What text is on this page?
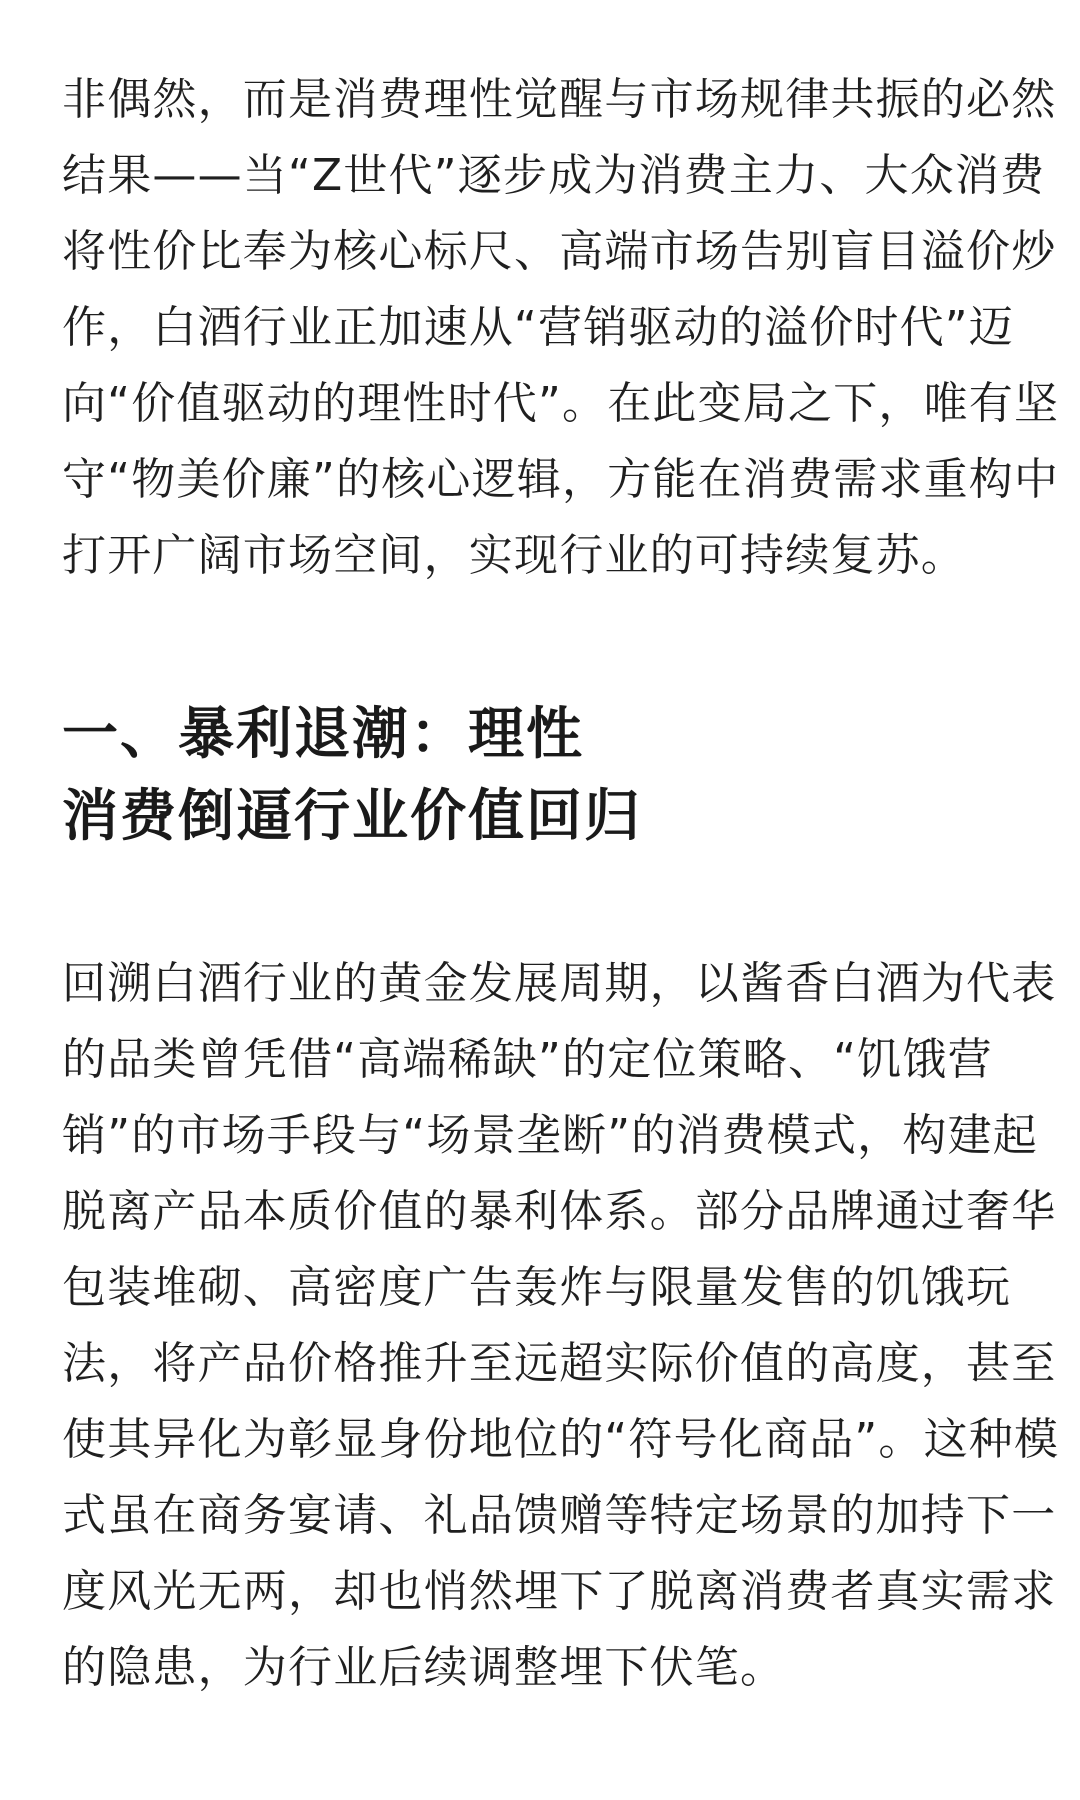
非偶然，而是消费理性觉醒与市场规律共振的必然
结果——当“Z世代”逐步成为消费主力、大众消费
将性价比奉为核心标尺、高端市场告别盲目溢价炒
作，白酒行业正加速从“营销驱动的溢价时代”迈
向“价值驱动的理性时代”。在此变局之下，唯有坚
守“物美价廉”的核心逻辑，方能在消费需求重构中
打开广阔市场空间，实现行业的可持续复苏。

一、暴利退潮：理性
消费倒逼行业价值回归

回溯白酒行业的黄金发展周期，以酱香白酒为代表
的品类曾凭借“高端稀缺”的定位策略、“饥饿营
销”的市场手段与“场景垄断”的消费模式，构建起
脱离产品本质价值的暴利体系。部分品牌通过奢华
包装堆砌、高密度广告轰炸与限量发售的饥饿玩
法，将产品价格推升至远超实际价值的高度，甚至
使其异化为彰显身份地位的“符号化商品”。这种模
式虽在商务宴请、礼品馈赠等特定场景的加持下一
度风光无两，却也悄然埋下了脱离消费者真实需求
的隐患，为行业后续调整埋下伏笔。
